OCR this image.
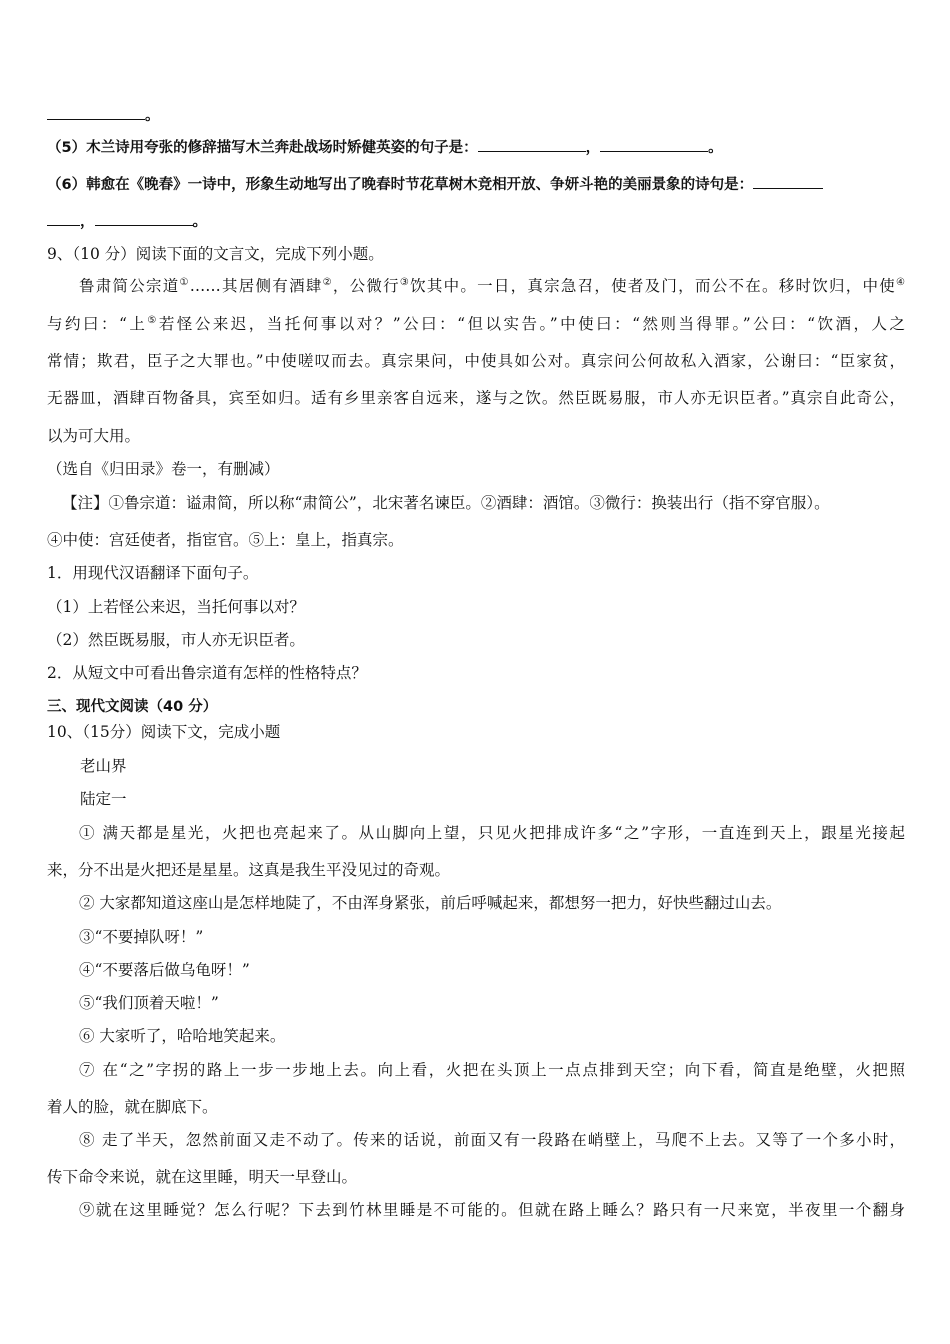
。
（5）木兰诗用夸张的修辞描写木兰奔赴战场时矫健英姿的句子是：	，	。
（6）韩愈在《晚春》一诗中，形象生动地写出了晚春时节花草树木竞相开放、争妍斗艳的美丽景象的诗句是：
，	。
9、（10 分）阅读下面的文言文，完成下列小题。
鲁肃简公宗道①……其居侧有酒肆②，公微行③饮其中。一日，真宗急召，使者及门，而公不在。移时饮归，中使④
与约曰：“上⑤若怪公来迟，当托何事以对？”公曰：“但以实告。”中使曰：“然则当得罪。”公曰：“饮酒，人之
常情；欺君，臣子之大罪也。”中使嗟叹而去。真宗果问，中使具如公对。真宗问公何故私入酒家，公谢曰：“臣家贫，
无器皿，酒肆百物备具，宾至如归。适有乡里亲客自远来，遂与之饮。然臣既易服，市人亦无识臣者。”真宗自此奇公，
以为可大用。
（选自《归田录》卷一，有删减）
【注】①鲁宗道：谥肃简，所以称“肃简公”，北宋著名谏臣。②酒肆：酒馆。③微行：换装出行（指不穿官服）。
④中使：宫廷使者，指宦官。⑤上：皇上，指真宗。
1．用现代汉语翻译下面句子。
（1）上若怪公来迟，当托何事以对？
（2）然臣既易服，市人亦无识臣者。
2．从短文中可看出鲁宗道有怎样的性格特点？
三、现代文阅读（40 分）
10、（15分）阅读下文，完成小题
老山界
陆定一
① 满天都是星光，火把也亮起来了。从山脚向上望，只见火把排成许多“之”字形，一直连到天上，跟星光接起
来，分不出是火把还是星星。这真是我生平没见过的奇观。
② 大家都知道这座山是怎样地陡了，不由浑身紧张，前后呼喊起来，都想努一把力，好快些翻过山去。
③“不要掉队呀！”
④“不要落后做乌龟呀！”
⑤“我们顶着天啦！”
⑥ 大家听了，哈哈地笑起来。
⑦ 在“之”字拐的路上一步一步地上去。向上看，火把在头顶上一点点排到天空；向下看，简直是绝壁，火把照
着人的脸，就在脚底下。
⑧ 走了半天，忽然前面又走不动了。传来的话说，前面又有一段路在峭壁上，马爬不上去。又等了一个多小时，
传下命令来说，就在这里睡，明天一早登山。
⑨就在这里睡觉？怎么行呢？下去到竹林里睡是不可能的。但就在路上睡么？路只有一尺来宽，半夜里一个翻身
